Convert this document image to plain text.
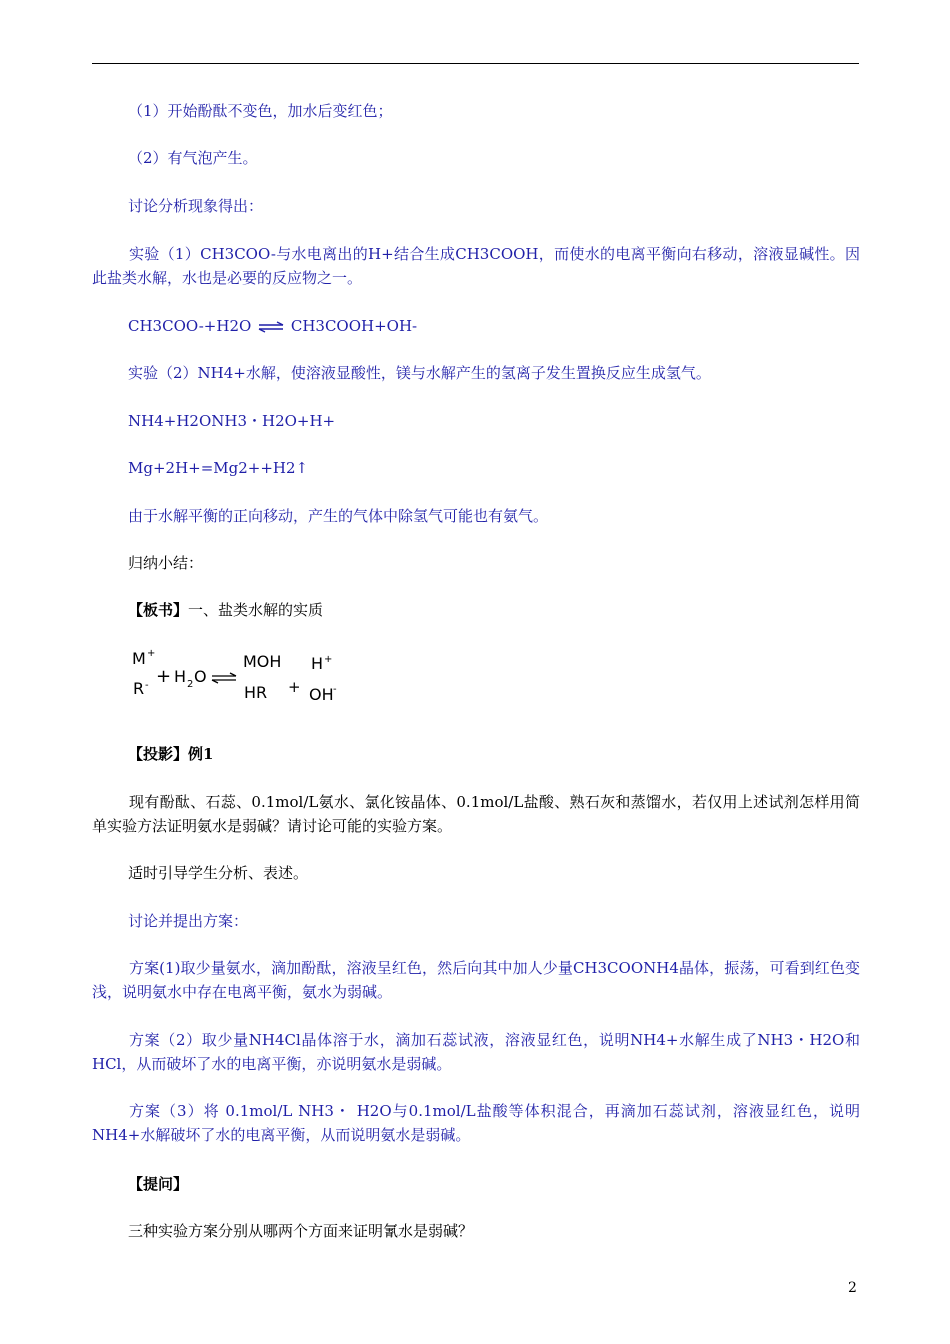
（1）开始酚酞不变色，加水后变红色；
（2）有气泡产生。
讨论分析现象得出：
实验（1）CH3COO-与水电离出的H+结合生成CH3COOH，而使水的电离平衡向右移动，溶液显碱性。因此盐类水解，水也是必要的反应物之一。
CH3COO-+H2O ⇌ CH3COOH+OH-
实验（2）NH4+水解，使溶液显酸性，镁与水解产生的氢离子发生置换反应生成氢气。
NH4+H2ONH3・H2O+H+
Mg+2H+=Mg2++H2↑
由于水解平衡的正向移动，产生的气体中除氢气可能也有氨气。
归纳小结：
【板书】一、盐类水解的实质
M +
R - + H 2 O
MOH
HR +
H +
OH -
【投影】例1
现有酚酞、石蕊、0.1mol/L氨水、氯化铵晶体、0.1mol/L盐酸、熟石灰和蒸馏水，若仅用上述试剂怎样用简单实验方法证明氨水是弱碱？请讨论可能的实验方案。
适时引导学生分析、表述。
讨论并提出方案：
方案(1)取少量氨水，滴加酚酞，溶液呈红色，然后向其中加人少量CH3COONH4晶体，振荡，可看到红色变浅，说明氨水中存在电离平衡，氨水为弱碱。
方案（2）取少量NH4Cl晶体溶于水，滴加石蕊试液，溶液显红色，说明NH4+水解生成了NH3・H2O和HCl，从而破坏了水的电离平衡，亦说明氨水是弱碱。
方案（3）将 0.1mol/L NH3・ H2O与0.1mol/L盐酸等体积混合，再滴加石蕊试剂，溶液显红色，说明NH4+水解破坏了水的电离平衡，从而说明氨水是弱碱。
【提问】
三种实验方案分别从哪两个方面来证明氰水是弱碱？
2
